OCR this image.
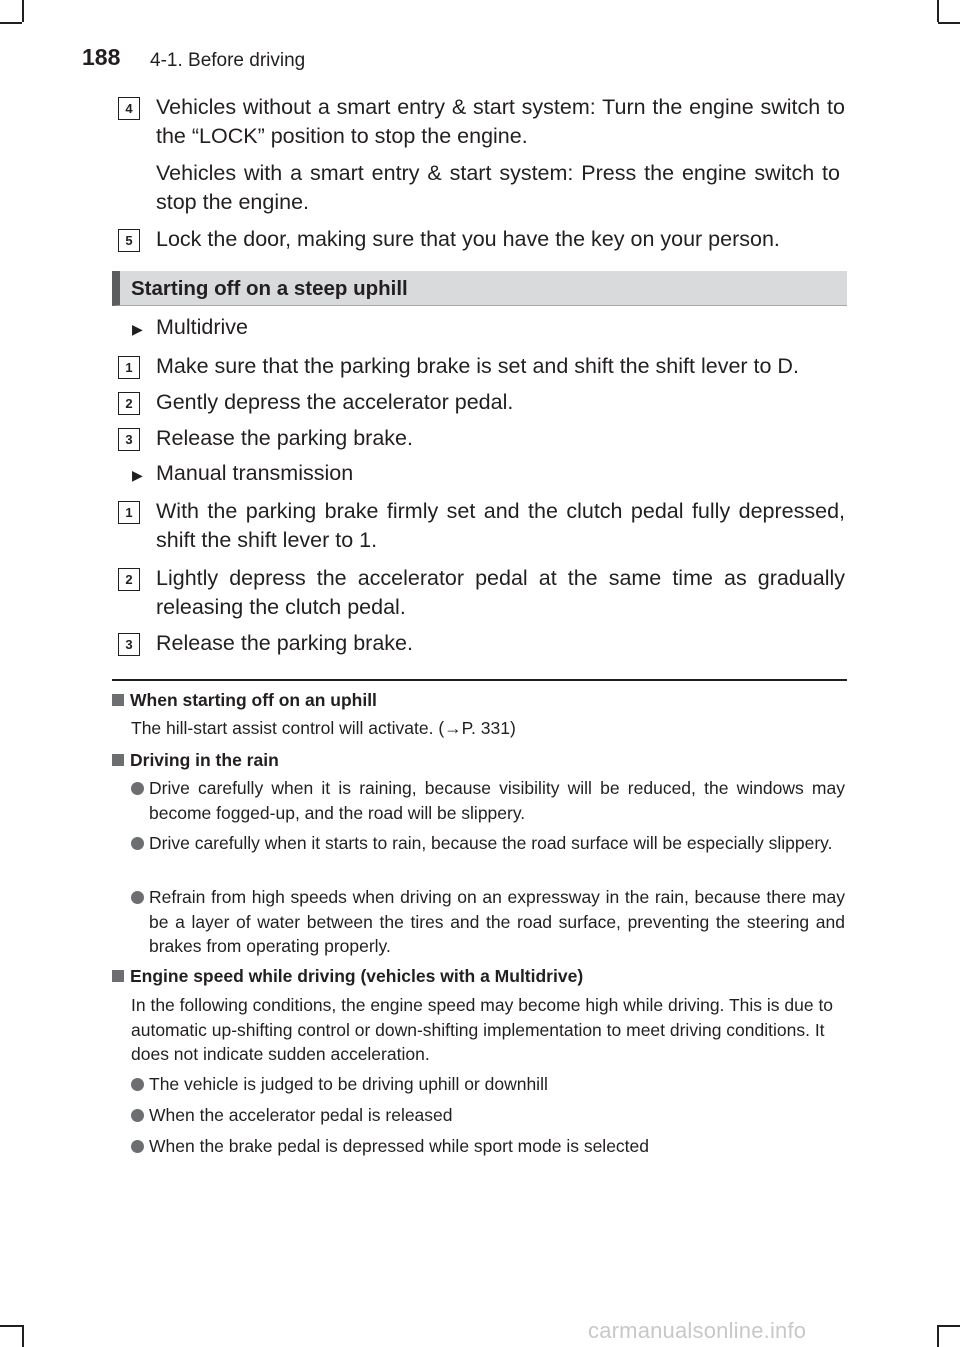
188 4-1. Before driving
4	Vehicles without a smart entry & start system: Turn the engine switch to the “LOCK” position to stop the engine.
Vehicles with a smart entry & start system: Press the engine switch to stop the engine.
5	Lock the door, making sure that you have the key on your person.
Starting off on a steep uphill
▶ Multidrive
1	Make sure that the parking brake is set and shift the shift lever to D.
2	Gently depress the accelerator pedal.
3	Release the parking brake.
▶ Manual transmission
1	With the parking brake firmly set and the clutch pedal fully depressed, shift the shift lever to 1.
2	Lightly depress the accelerator pedal at the same time as gradually releasing the clutch pedal.
3	Release the parking brake.
When starting off on an uphill
The hill-start assist control will activate. (→P. 331)
Driving in the rain
Drive carefully when it is raining, because visibility will be reduced, the windows may become fogged-up, and the road will be slippery.
Drive carefully when it starts to rain, because the road surface will be especially slippery.
Refrain from high speeds when driving on an expressway in the rain, because there may be a layer of water between the tires and the road surface, preventing the steering and brakes from operating properly.
Engine speed while driving (vehicles with a Multidrive)
In the following conditions, the engine speed may become high while driving. This is due to automatic up-shifting control or down-shifting implementation to meet driving conditions. It does not indicate sudden acceleration.
The vehicle is judged to be driving uphill or downhill
When the accelerator pedal is released
When the brake pedal is depressed while sport mode is selected
carmanualsonline.info
